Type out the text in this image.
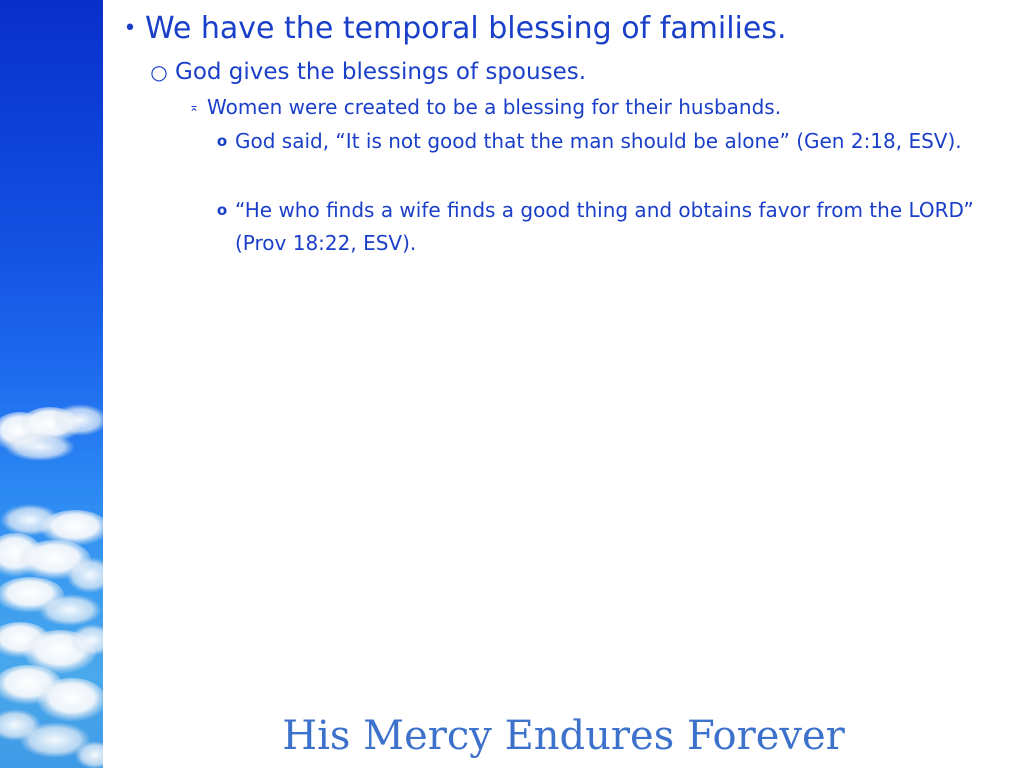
• We have the temporal blessing of families.
○ God gives the blessings of spouses.
⌅ Women were created to be a blessing for their husbands.
o God said, “It is not good that the man should be alone” (Gen 2:18, ESV).
o “He who finds a wife finds a good thing and obtains favor from the LORD” (Prov 18:22, ESV).
His Mercy Endures Forever
